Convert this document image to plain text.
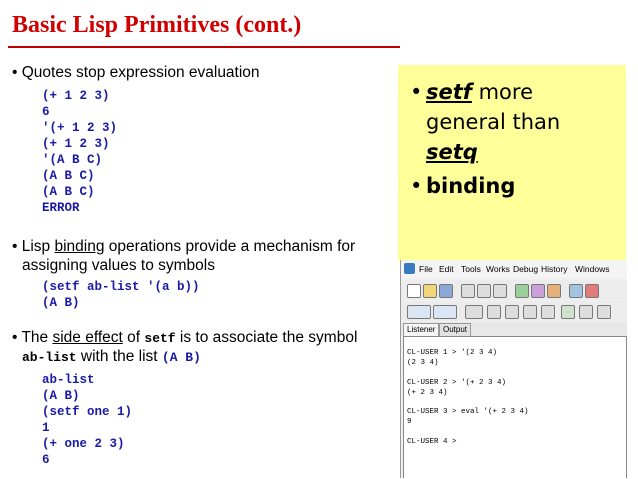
Basic Lisp Primitives (cont.)
• Quotes stop expression evaluation
(+ 1 2 3)
6
'(+ 1 2 3)
(+ 1 2 3)
'(A B C)
(A B C)
(A B C)
ERROR
• Lisp binding operations provide a mechanism for
assigning values to symbols
(setf ab-list '(a b))
(A B)
• The side effect of setf is to associate the symbol
ab-list with the list (A B)
ab-list
(A B)
(setf one 1)
1
(+ one 2 3)
6
• setf more
general than
setq
• binding
File Edit Tools Works Debug History Windows
Listener Output
CL-USER 1 > '(2 3 4)
(2 3 4)
CL-USER 2 > '(+ 2 3 4)
(+ 2 3 4)
CL-USER 3 > eval '(+ 2 3 4)
9
CL-USER 4 >
